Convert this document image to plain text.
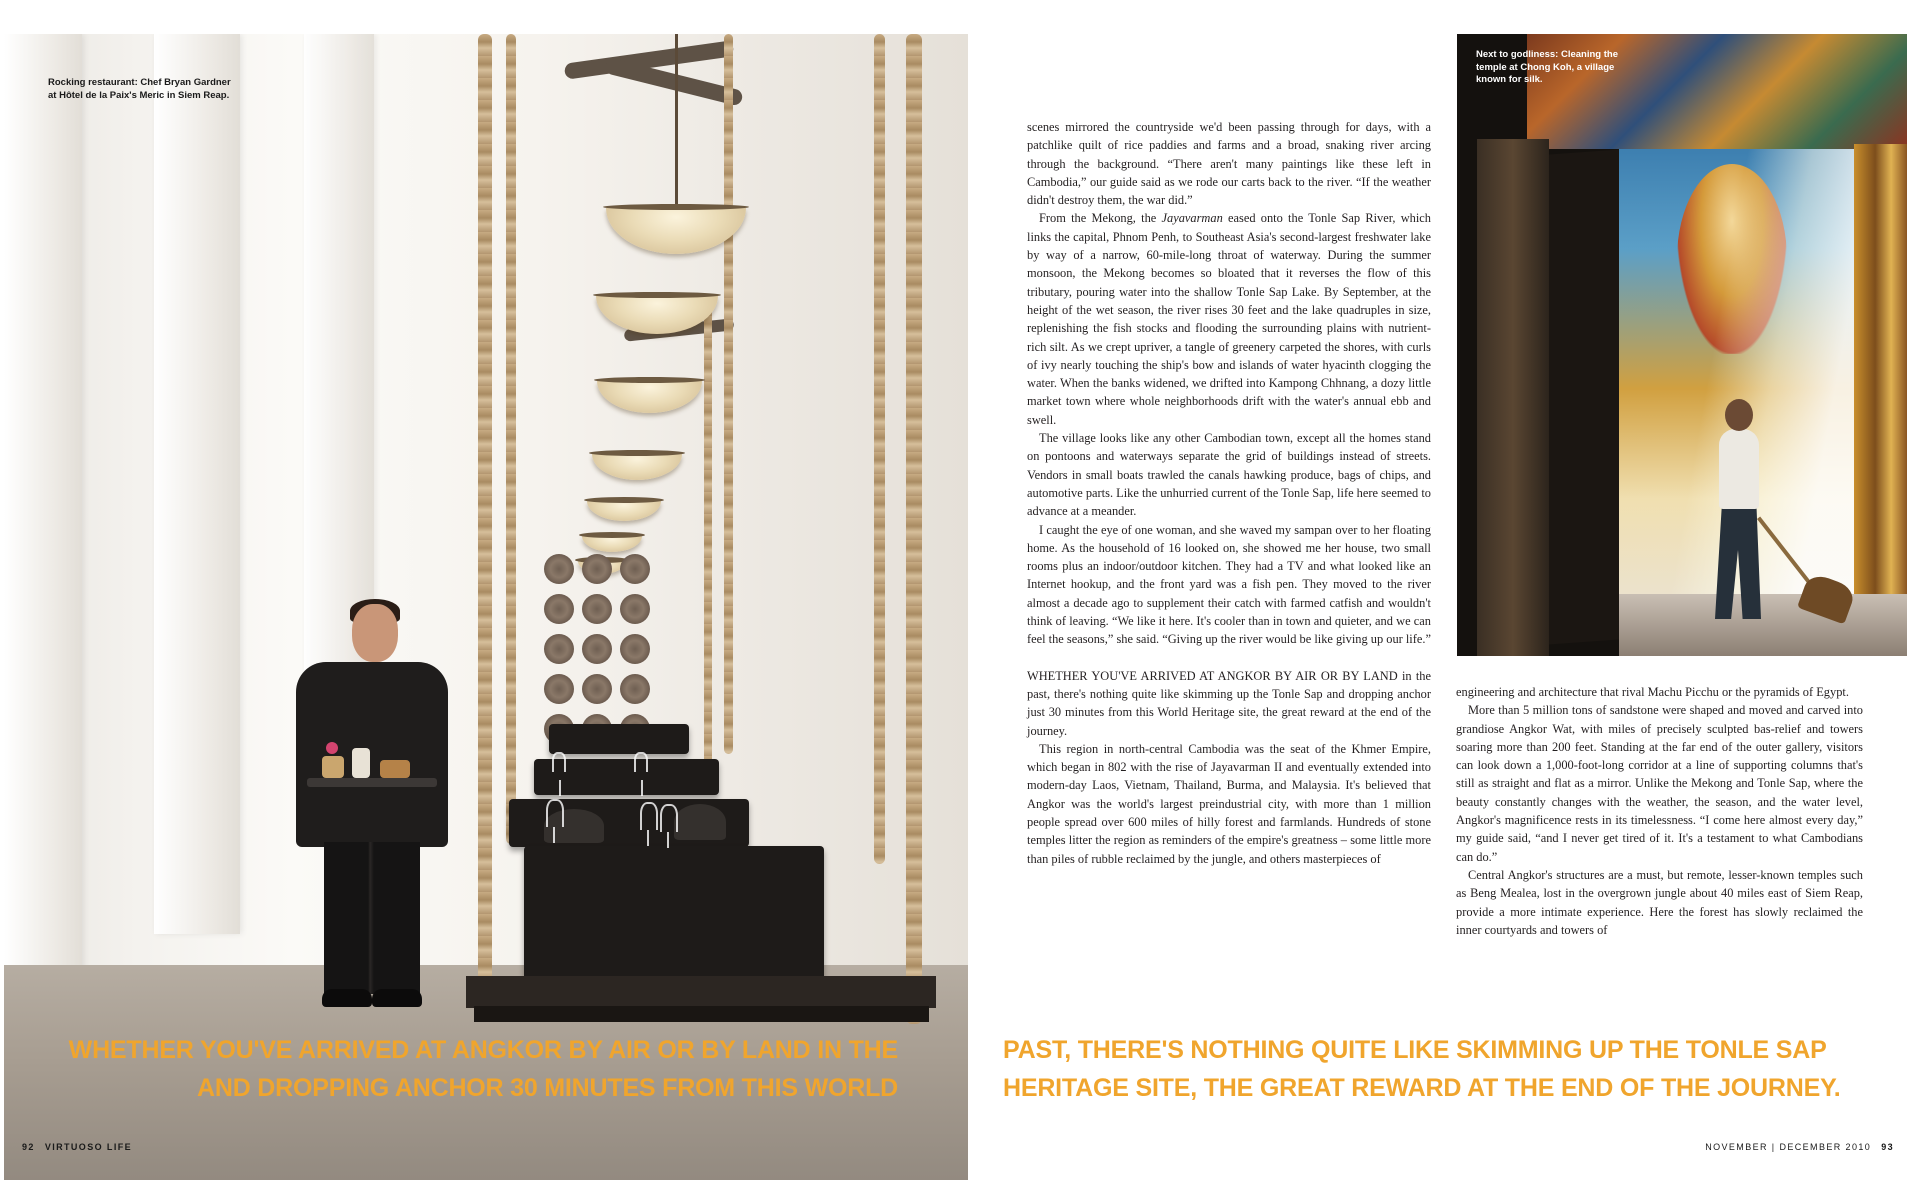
Rocking restaurant: Chef Bryan Gardner at Hôtel de la Paix's Meric in Siem Reap.
WHETHER YOU'VE ARRIVED AT ANGKOR BY AIR OR BY LAND IN THE
AND DROPPING ANCHOR 30 MINUTES FROM THIS WORLD
92 VIRTUOSO LIFE

scenes mirrored the countryside we'd been passing through for days, with a patchlike quilt of rice paddies and farms and a broad, snaking river arcing through the background. “There aren't many paintings like these left in Cambodia,” our guide said as we rode our carts back to the river. “If the weather didn't destroy them, the war did.”

From the Mekong, the Jayavarman eased onto the Tonle Sap River, which links the capital, Phnom Penh, to Southeast Asia's second-largest freshwater lake by way of a narrow, 60-mile-long throat of waterway. During the summer monsoon, the Mekong becomes so bloated that it reverses the flow of this tributary, pouring water into the shallow Tonle Sap Lake. By September, at the height of the wet season, the river rises 30 feet and the lake quadruples in size, replenishing the fish stocks and flooding the surrounding plains with nutrient-rich silt. As we crept upriver, a tangle of greenery carpeted the shores, with curls of ivy nearly touching the ship's bow and islands of water hyacinth clogging the water. When the banks widened, we drifted into Kampong Chhnang, a dozy little market town where whole neighborhoods drift with the water's annual ebb and swell.

The village looks like any other Cambodian town, except all the homes stand on pontoons and waterways separate the grid of buildings instead of streets. Vendors in small boats trawled the canals hawking produce, bags of chips, and automotive parts. Like the unhurried current of the Tonle Sap, life here seemed to advance at a meander.

I caught the eye of one woman, and she waved my sampan over to her floating home. As the household of 16 looked on, she showed me her house, two small rooms plus an indoor/outdoor kitchen. They had a TV and what looked like an Internet hookup, and the front yard was a fish pen. They moved to the river almost a decade ago to supplement their catch with farmed catfish and wouldn't think of leaving. “We like it here. It's cooler than in town and quieter, and we can feel the seasons,” she said. “Giving up the river would be like giving up our life.”

WHETHER YOU'VE ARRIVED AT ANGKOR BY AIR OR BY LAND in the past, there's nothing quite like skimming up the Tonle Sap and dropping anchor just 30 minutes from this World Heritage site, the great reward at the end of the journey.

This region in north-central Cambodia was the seat of the Khmer Empire, which began in 802 with the rise of Jayavarman II and eventually extended into modern-day Laos, Vietnam, Thailand, Burma, and Malaysia. It's believed that Angkor was the world's largest preindustrial city, with more than 1 million people spread over 600 miles of hilly forest and farmlands. Hundreds of stone temples litter the region as reminders of the empire's greatness – some little more than piles of rubble reclaimed by the jungle, and others masterpieces of

Next to godliness: Cleaning the temple at Chong Koh, a village known for silk.

engineering and architecture that rival Machu Picchu or the pyramids of Egypt.

More than 5 million tons of sandstone were shaped and moved and carved into grandiose Angkor Wat, with miles of precisely sculpted bas-relief and towers soaring more than 200 feet. Standing at the far end of the outer gallery, visitors can look down a 1,000-foot-long corridor at a line of supporting columns that's still as straight and flat as a mirror. Unlike the Mekong and Tonle Sap, where the beauty constantly changes with the weather, the season, and the water level, Angkor's magnificence rests in its timelessness. “I come here almost every day,” my guide said, “and I never get tired of it. It's a testament to what Cambodians can do.”

Central Angkor's structures are a must, but remote, lesser-known temples such as Beng Mealea, lost in the overgrown jungle about 40 miles east of Siem Reap, provide a more intimate experience. Here the forest has slowly reclaimed the inner courtyards and towers of

PAST, THERE'S NOTHING QUITE LIKE SKIMMING UP THE TONLE SAP
HERITAGE SITE, THE GREAT REWARD AT THE END OF THE JOURNEY.
NOVEMBER | DECEMBER 2010 93
